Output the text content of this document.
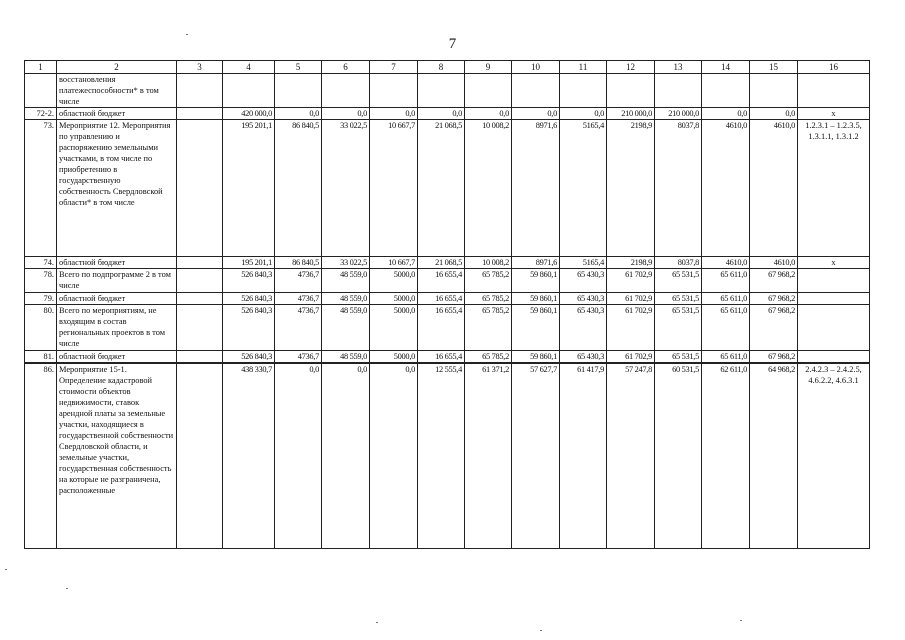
7
1	2	3	4	5	6	7	8	9	10	11	12	13	14	15	16
	восстановления платежеспособности* в том числе														
72-2.	областной бюджет		420 000,0	0,0	0,0	0,0	0,0	0,0	0,0	0,0	210 000,0	210 000,0	0,0	0,0	х
73.	Мероприятие 12. Мероприятия по управлению и распоряжению земельными участками, в том числе по приобретению в государственную собственность Свердловской области* в том числе		195 201,1	86 840,5	33 022,5	10 667,7	21 068,5	10 008,2	8971,6	5165,4	2198,9	8037,8	4610,0	4610,0	1.2.3.1 – 1.2.3.5, 1.3.1.1, 1.3.1.2
74.	областной бюджет		195 201,1	86 840,5	33 022,5	10 667,7	21 068,5	10 008,2	8971,6	5165,4	2198,9	8037,8	4610,0	4610,0	х
78.	Всего по подпрограмме 2 в том числе		526 840,3	4736,7	48 559,0	5000,0	16 655,4	65 785,2	59 860,1	65 430,3	61 702,9	65 531,5	65 611,0	67 968,2	
79.	областной бюджет		526 840,3	4736,7	48 559,0	5000,0	16 655,4	65 785,2	59 860,1	65 430,3	61 702,9	65 531,5	65 611,0	67 968,2	
80.	Всего по мероприятиям, не входящим в состав региональных проектов в том числе		526 840,3	4736,7	48 559,0	5000,0	16 655,4	65 785,2	59 860,1	65 430,3	61 702,9	65 531,5	65 611,0	67 968,2	
81.	областной бюджет		526 840,3	4736,7	48 559,0	5000,0	16 655,4	65 785,2	59 860,1	65 430,3	61 702,9	65 531,5	65 611,0	67 968,2	
86.	Мероприятие 15-1. Определение кадастровой стоимости объектов недвижимости, ставок арендной платы за земельные участки, находящиеся в государственной собственности Свердловской области, и земельные участки, государственная собственность на которые не разграничена, расположенные		438 330,7	0,0	0,0	0,0	12 555,4	61 371,2	57 627,7	61 417,9	57 247,8	60 531,5	62 611,0	64 968,2	2.4.2.3 – 2.4.2.5, 4.6.2.2, 4.6.3.1
